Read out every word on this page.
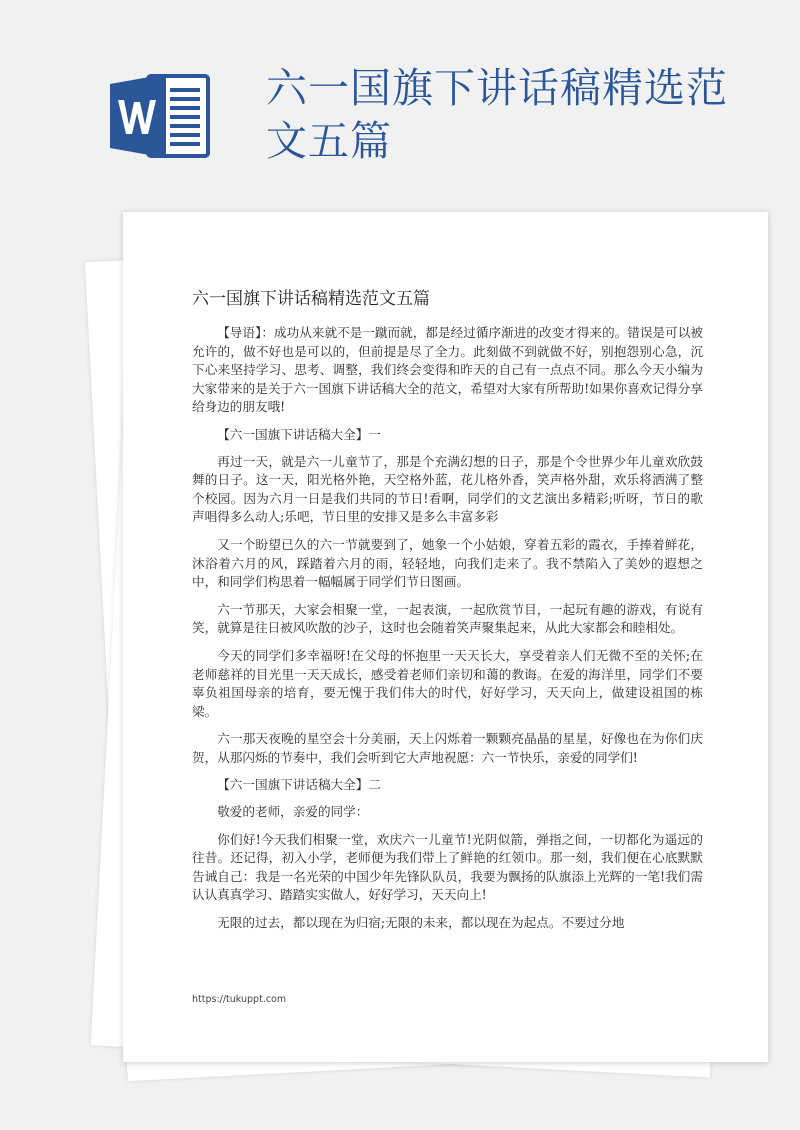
六一国旗下讲话稿精选范文五篇
六一国旗下讲话稿精选范文五篇

【导语】：成功从来就不是一蹴而就，都是经过循序渐进的改变才得来的。错误是可以被允许的，做不好也是可以的，但前提是尽了全力。此刻做不到就做不好，别抱怨别心急，沉下心来坚持学习、思考、调整，我们终会变得和昨天的自己有一点点不同。那么今天小编为大家带来的是关于六一国旗下讲话稿大全的范文，希望对大家有所帮助!如果你喜欢记得分享给身边的朋友哦!

【六一国旗下讲话稿大全】一

再过一天，就是六一儿童节了，那是个充满幻想的日子，那是个令世界少年儿童欢欣鼓舞的日子。这一天，阳光格外艳，天空格外蓝，花儿格外香，笑声格外甜，欢乐将洒满了整个校园。因为六月一日是我们共同的节日!看啊，同学们的文艺演出多精彩;听呀，节日的歌声唱得多么动人;乐吧，节日里的安排又是多么丰富多彩

又一个盼望已久的六一节就要到了，她象一个小姑娘，穿着五彩的霞衣，手捧着鲜花，沐浴着六月的风，踩踏着六月的雨，轻轻地，向我们走来了。我不禁陷入了美妙的遐想之中，和同学们构思着一幅幅属于同学们节日图画。

六一节那天，大家会相聚一堂，一起表演，一起欣赏节目，一起玩有趣的游戏，有说有笑，就算是往日被风吹散的沙子，这时也会随着笑声聚集起来，从此大家都会和睦相处。

今天的同学们多幸福呀!在父母的怀抱里一天天长大，享受着亲人们无微不至的关怀;在老师慈祥的目光里一天天成长，感受着老师们亲切和蔼的教诲。在爱的海洋里，同学们不要辜负祖国母亲的培育，要无愧于我们伟大的时代，好好学习，天天向上，做建设祖国的栋梁。

六一那天夜晚的星空会十分美丽，天上闪烁着一颗颗亮晶晶的星星，好像也在为你们庆贺，从那闪烁的节奏中，我们会听到它大声地祝愿：六一节快乐，亲爱的同学们!

【六一国旗下讲话稿大全】二

敬爱的老师，亲爱的同学：

你们好!今天我们相聚一堂，欢庆六一儿童节!光阴似箭，弹指之间，一切都化为遥远的往昔。还记得，初入小学，老师便为我们带上了鲜艳的红领巾。那一刻，我们便在心底默默告诫自己：我是一名光荣的中国少年先锋队队员，我要为飘扬的队旗添上光辉的一笔!我们需认认真真学习、踏踏实实做人，好好学习，天天向上!

无限的过去，都以现在为归宿;无限的未来，都以现在为起点。不要过分地

https://tukuppt.com
